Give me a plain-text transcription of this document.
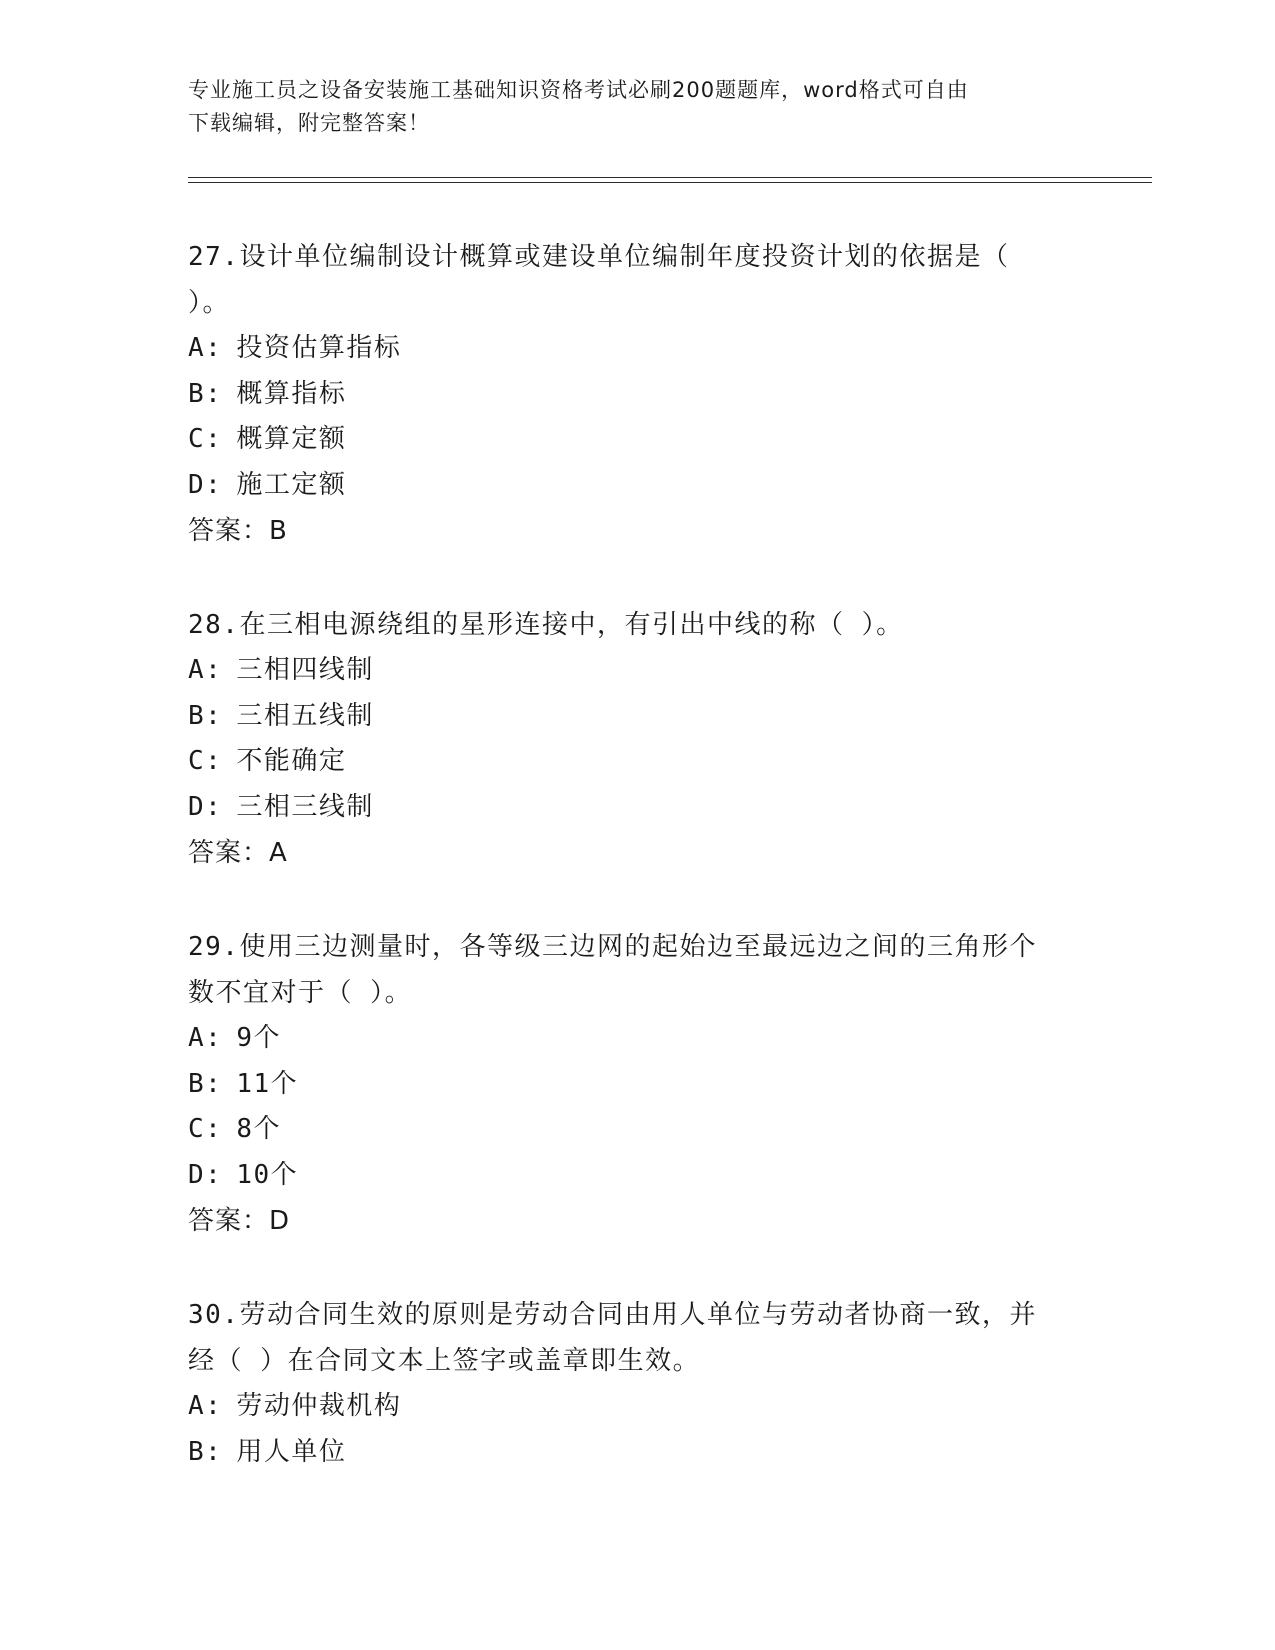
专业施工员之设备安装施工基础知识资格考试必刷200题题库，word格式可自由
下载编辑，附完整答案！
27.设计单位编制设计概算或建设单位编制年度投资计划的依据是（
）。
A: 投资估算指标
B: 概算指标
C: 概算定额
D: 施工定额
答案：B
28.在三相电源绕组的星形连接中，有引出中线的称（ ）。
A: 三相四线制
B: 三相五线制
C: 不能确定
D: 三相三线制
答案：A
29.使用三边测量时，各等级三边网的起始边至最远边之间的三角形个
数不宜对于（ ）。
A: 9个
B: 11个
C: 8个
D: 10个
答案：D
30.劳动合同生效的原则是劳动合同由用人单位与劳动者协商一致，并
经（ ）在合同文本上签字或盖章即生效。
A: 劳动仲裁机构
B: 用人单位
